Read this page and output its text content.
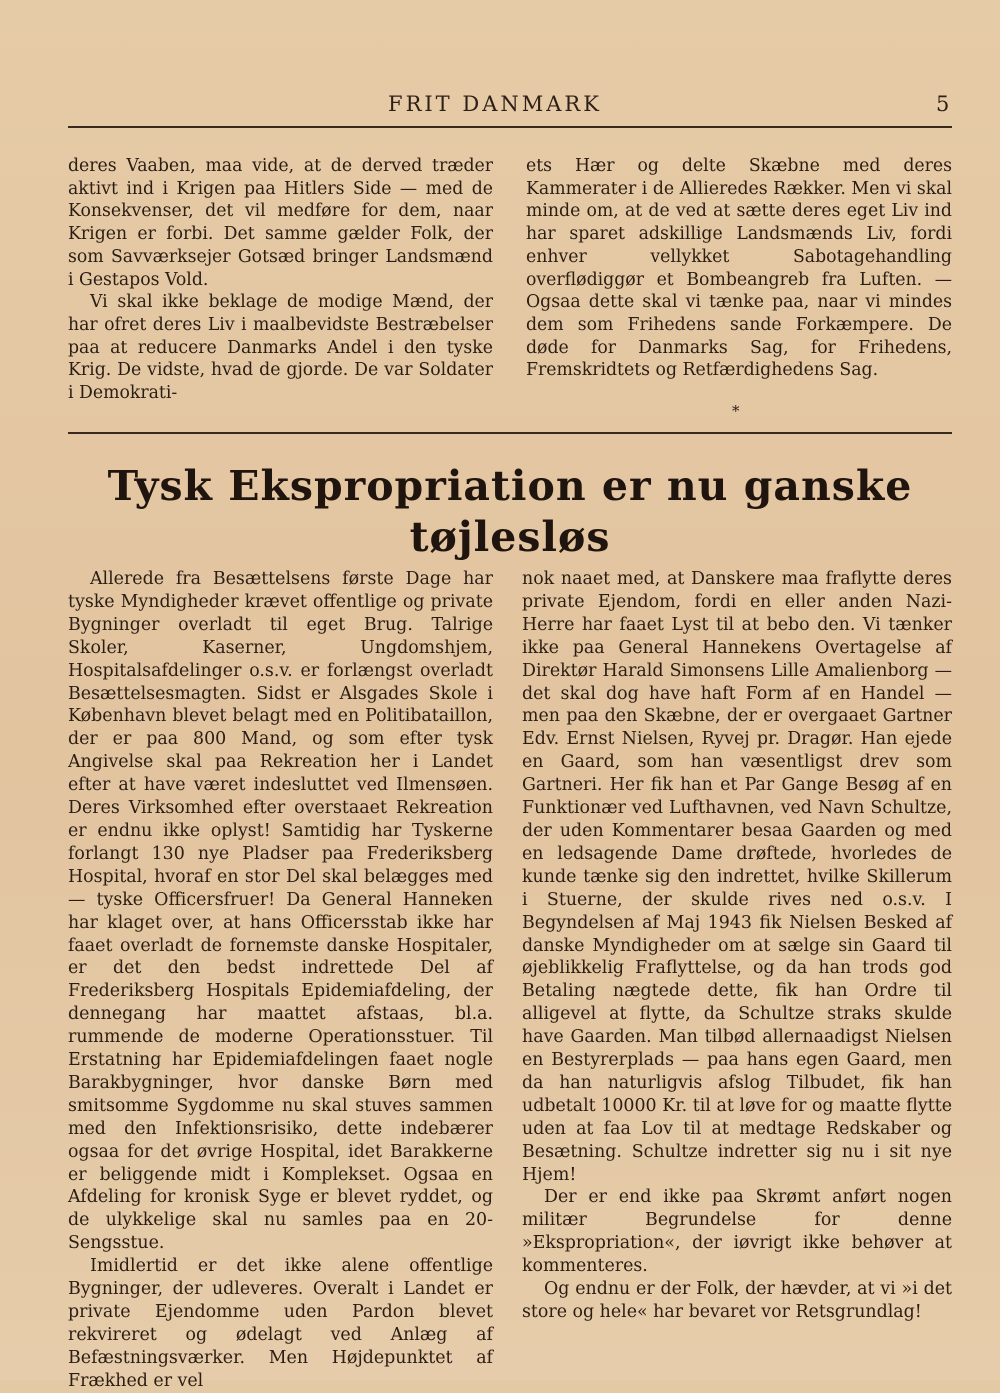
FRIT DANMARK	5

deres Vaaben, maa vide, at de derved træder aktivt ind i Krigen paa Hitlers Side — med de Konsekvenser, det vil medføre for dem, naar Krigen er forbi. Det samme gælder Folk, der som Savværksejer Gotsæd bringer Landsmænd i Gestapos Vold.

Vi skal ikke beklage de modige Mænd, der har ofret deres Liv i maalbevidste Bestræbelser paa at reducere Danmarks Andel i den tyske Krig. De vidste, hvad de gjorde. De var Soldater i Demokrati-

ets Hær og delte Skæbne med deres Kammerater i de Allieredes Rækker. Men vi skal minde om, at de ved at sætte deres eget Liv ind har sparet adskillige Landsmænds Liv, fordi enhver vellykket Sabotagehandling overflødiggør et Bombeangreb fra Luften. — Ogsaa dette skal vi tænke paa, naar vi mindes dem som Frihedens sande Forkæmpere. De døde for Danmarks Sag, for Frihedens, Fremskridtets og Retfærdighedens Sag.

*
Tysk Ekspropriation er nu ganske
tøjlesløs

Allerede fra Besættelsens første Dage har tyske Myndigheder krævet offentlige og private Bygninger overladt til eget Brug. Talrige Skoler, Kaserner, Ungdomshjem, Hospitalsafdelinger o.s.v. er forlængst overladt Besættelsesmagten. Sidst er Alsgades Skole i København blevet belagt med en Politibataillon, der er paa 800 Mand, og som efter tysk Angivelse skal paa Rekreation her i Landet efter at have været indesluttet ved Ilmensøen. Deres Virksomhed efter overstaaet Rekreation er endnu ikke oplyst! Samtidig har Tyskerne forlangt 130 nye Pladser paa Frederiksberg Hospital, hvoraf en stor Del skal belægges med — tyske Officersfruer! Da General Hanneken har klaget over, at hans Officersstab ikke har faaet overladt de fornemste danske Hospitaler, er det den bedst indrettede Del af Frederiksberg Hospitals Epidemiafdeling, der dennegang har maattet afstaas, bl.a. rummende de moderne Operationsstuer. Til Erstatning har Epidemiafdelingen faaet nogle Barakbygninger, hvor danske Børn med smitsomme Sygdomme nu skal stuves sammen med den Infektionsrisiko, dette indebærer ogsaa for det øvrige Hospital, idet Barakkerne er beliggende midt i Komplekset. Ogsaa en Afdeling for kronisk Syge er blevet ryddet, og de ulykkelige skal nu samles paa en 20-Sengsstue.

Imidlertid er det ikke alene offentlige Bygninger, der udleveres. Overalt i Landet er private Ejendomme uden Pardon blevet rekvireret og ødelagt ved Anlæg af Befæstningsværker. Men Højdepunktet af Frækhed er vel

nok naaet med, at Danskere maa fraflytte deres private Ejendom, fordi en eller anden Nazi-Herre har faaet Lyst til at bebo den. Vi tænker ikke paa General Hannekens Overtagelse af Direktør Harald Simonsens Lille Amalienborg — det skal dog have haft Form af en Handel — men paa den Skæbne, der er overgaaet Gartner Edv. Ernst Nielsen, Ryvej pr. Dragør. Han ejede en Gaard, som han væsentligst drev som Gartneri. Her fik han et Par Gange Besøg af en Funktionær ved Lufthavnen, ved Navn Schultze, der uden Kommentarer besaa Gaarden og med en ledsagende Dame drøftede, hvorledes de kunde tænke sig den indrettet, hvilke Skillerum i Stuerne, der skulde rives ned o.s.v. I Begyndelsen af Maj 1943 fik Nielsen Besked af danske Myndigheder om at sælge sin Gaard til øjeblikkelig Fraflyttelse, og da han trods god Betaling nægtede dette, fik han Ordre til alligevel at flytte, da Schultze straks skulde have Gaarden. Man tilbød allernaadigst Nielsen en Bestyrerplads — paa hans egen Gaard, men da han naturligvis afslog Tilbudet, fik han udbetalt 10000 Kr. til at løve for og maatte flytte uden at faa Lov til at medtage Redskaber og Besætning. Schultze indretter sig nu i sit nye Hjem!

Der er end ikke paa Skrømt anført nogen militær Begrundelse for denne »Ekspropriation«, der iøvrigt ikke behøver at kommenteres.

Og endnu er der Folk, der hævder, at vi »i det store og hele« har bevaret vor Retsgrundlag!
